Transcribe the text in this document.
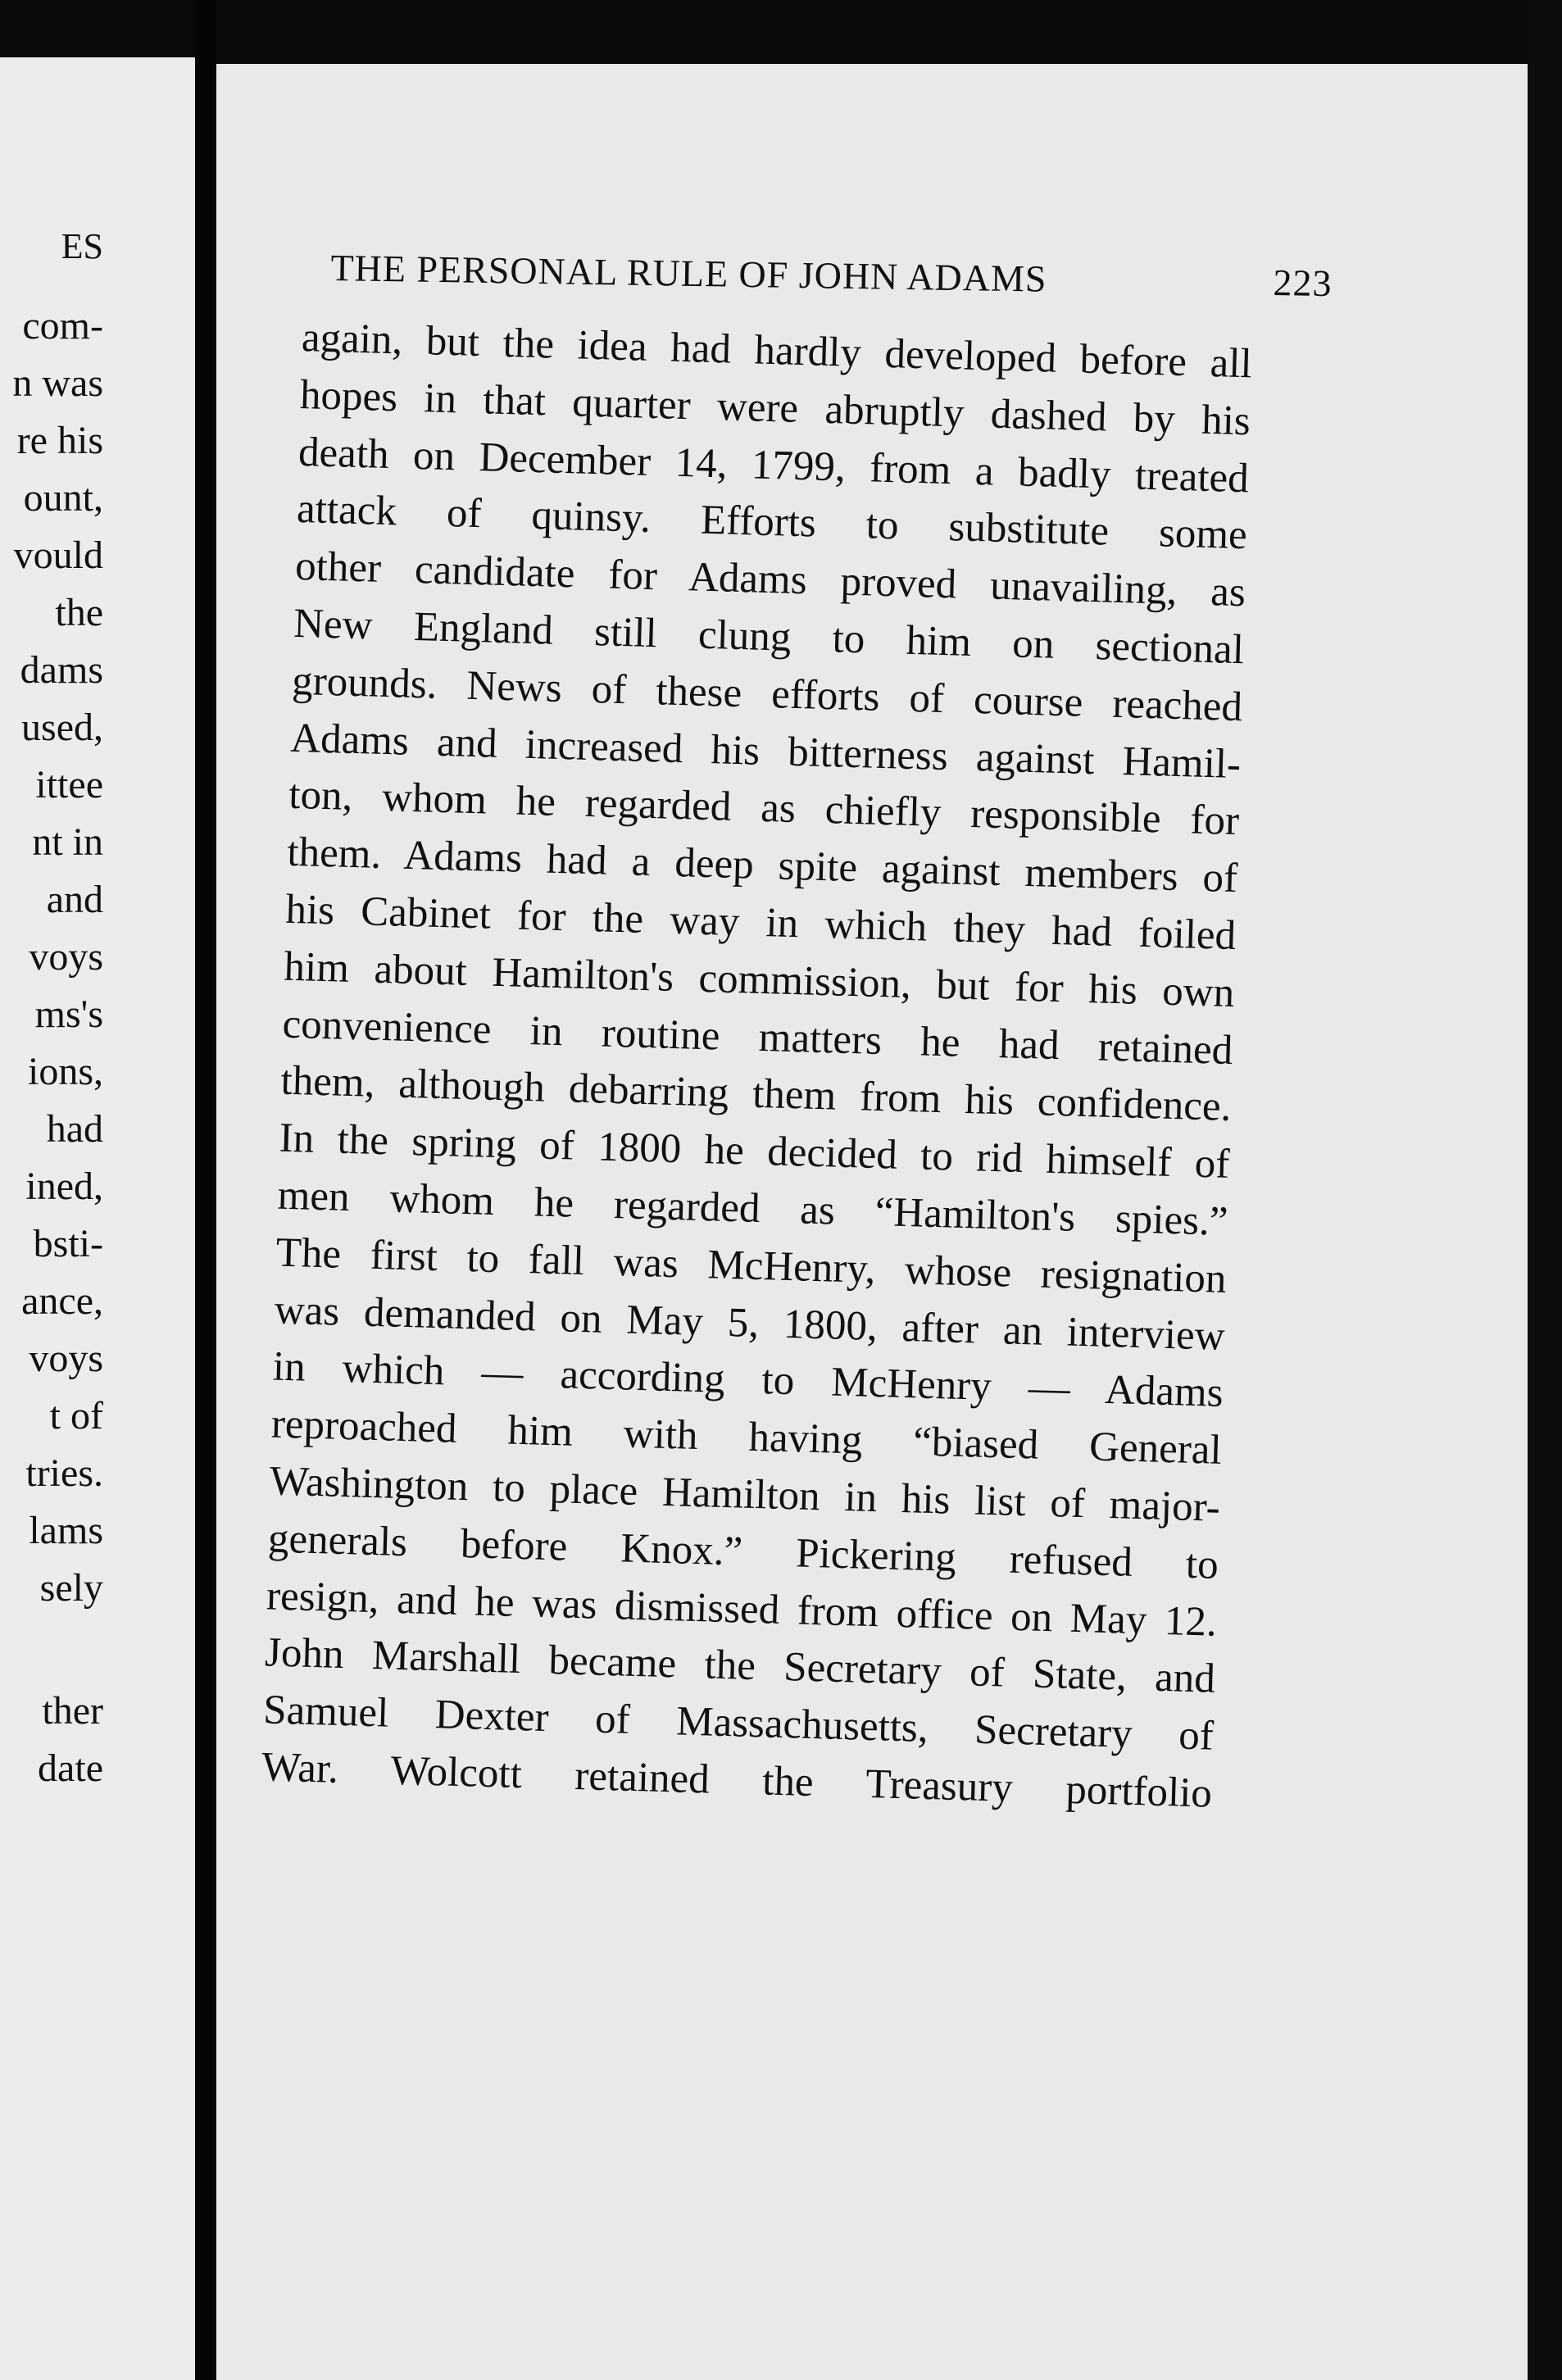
ES
com-
n was
re his
ount,
vould
the
dams
used,
ittee
nt in
and
voys
ms's
ions,
had
ined,
bsti-
ance,
voys
t of
tries.
lams
sely
ther
date
THE PERSONAL RULE OF JOHN ADAMS	223
again, but the idea had hardly developed before all
hopes in that quarter were abruptly dashed by his
death on December 14, 1799, from a badly treated
attack of quinsy. Efforts to substitute some
other candidate for Adams proved unavailing, as
New England still clung to him on sectional
grounds. News of these efforts of course reached
Adams and increased his bitterness against Hamil-
ton, whom he regarded as chiefly responsible for
them. Adams had a deep spite against members of
his Cabinet for the way in which they had foiled
him about Hamilton's commission, but for his own
convenience in routine matters he had retained
them, although debarring them from his confidence.
In the spring of 1800 he decided to rid himself of
men whom he regarded as “Hamilton's spies.”
The first to fall was McHenry, whose resignation
was demanded on May 5, 1800, after an interview
in which — according to McHenry — Adams
reproached him with having “biased General
Washington to place Hamilton in his list of major-
generals before Knox.” Pickering refused to
resign, and he was dismissed from office on May 12.
John Marshall became the Secretary of State, and
Samuel Dexter of Massachusetts, Secretary of
War. Wolcott retained the Treasury portfolio
